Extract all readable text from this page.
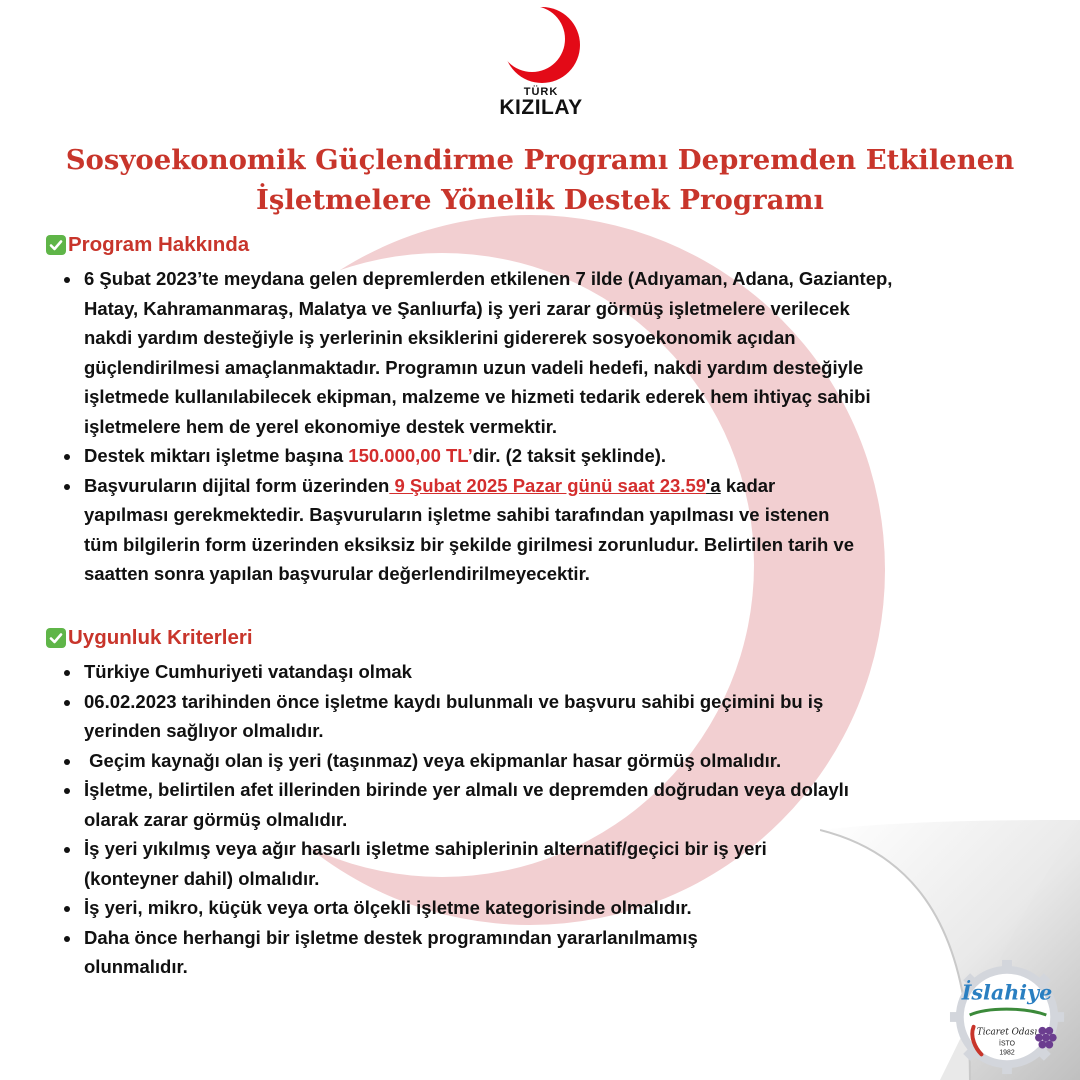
TÜRK
KIZILAY
Sosyoekonomik Güçlendirme Programı Depremden Etkilenen
İşletmelere Yönelik Destek Programı
Program Hakkında
6 Şubat 2023’te meydana gelen depremlerden etkilenen 7 ilde (Adıyaman, Adana, Gaziantep,
Hatay, Kahramanmaraş, Malatya ve Şanlıurfa) iş yeri zarar görmüş işletmelere verilecek
nakdi yardım desteğiyle iş yerlerinin eksiklerini gidererek sosyoekonomik açıdan
güçlendirilmesi amaçlanmaktadır. Programın uzun vadeli hedefi, nakdi yardım desteğiyle
işletmede kullanılabilecek ekipman, malzeme ve hizmeti tedarik ederek hem ihtiyaç sahibi
işletmelere hem de yerel ekonomiye destek vermektir.
Destek miktarı işletme başına 150.000,00 TL’dir. (2 taksit şeklinde).
Başvuruların dijital form üzerinden 9 Şubat 2025 Pazar günü saat 23.59'a kadar
yapılması gerekmektedir. Başvuruların işletme sahibi tarafından yapılması ve istenen
tüm bilgilerin form üzerinden eksiksiz bir şekilde girilmesi zorunludur. Belirtilen tarih ve
saatten sonra yapılan başvurular değerlendirilmeyecektir.
Uygunluk Kriterleri
Türkiye Cumhuriyeti vatandaşı olmak
06.02.2023 tarihinden önce işletme kaydı bulunmalı ve başvuru sahibi geçimini bu iş
yerinden sağlıyor olmalıdır.
Geçim kaynağı olan iş yeri (taşınmaz) veya ekipmanlar hasar görmüş olmalıdır.
İşletme, belirtilen afet illerinden birinde yer almalı ve depremden doğrudan veya dolaylı
olarak zarar görmüş olmalıdır.
İş yeri yıkılmış veya ağır hasarlı işletme sahiplerinin alternatif/geçici bir iş yeri
(konteyner dahil) olmalıdır.
İş yeri, mikro, küçük veya orta ölçekli işletme kategorisinde olmalıdır.
Daha önce herhangi bir işletme destek programından yararlanılmamış
olunmalıdır.
İslahiye
Ticaret Odası
İSTO
1982
